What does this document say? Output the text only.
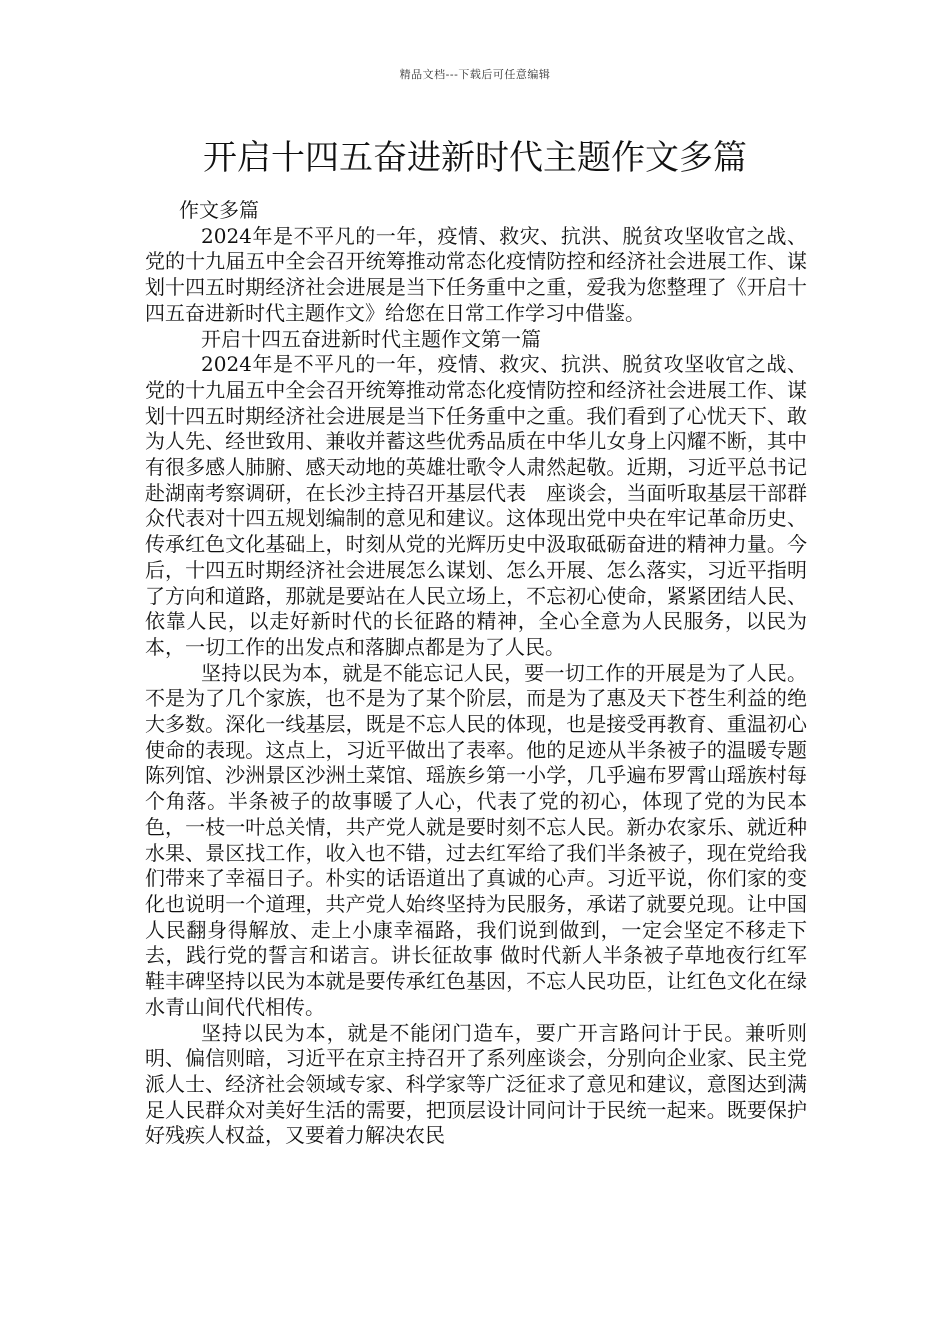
精品文档---下载后可任意编辑
开启十四五奋进新时代主题作文多篇

作文多篇

2024年是不平凡的一年，疫情、救灾、抗洪、脱贫攻坚收官之战、党的十九届五中全会召开统筹推动常态化疫情防控和经济社会进展工作、谋划十四五时期经济社会进展是当下任务重中之重，爱我为您整理了《开启十四五奋进新时代主题作文》给您在日常工作学习中借鉴。

开启十四五奋进新时代主题作文第一篇

2024年是不平凡的一年，疫情、救灾、抗洪、脱贫攻坚收官之战、党的十九届五中全会召开统筹推动常态化疫情防控和经济社会进展工作、谋划十四五时期经济社会进展是当下任务重中之重。我们看到了心忧天下、敢为人先、经世致用、兼收并蓄这些优秀品质在中华儿女身上闪耀不断，其中有很多感人肺腑、感天动地的英雄壮歌令人肃然起敬。近期，习近平总书记赴湖南考察调研，在长沙主持召开基层代表　座谈会，当面听取基层干部群众代表对十四五规划编制的意见和建议。这体现出党中央在牢记革命历史、传承红色文化基础上，时刻从党的光辉历史中汲取砥砺奋进的精神力量。今后，十四五时期经济社会进展怎么谋划、怎么开展、怎么落实，习近平指明了方向和道路，那就是要站在人民立场上，不忘初心使命，紧紧团结人民、依靠人民，以走好新时代的长征路的精神，全心全意为人民服务，以民为本，一切工作的出发点和落脚点都是为了人民。

坚持以民为本，就是不能忘记人民，要一切工作的开展是为了人民。不是为了几个家族，也不是为了某个阶层，而是为了惠及天下苍生利益的绝大多数。深化一线基层，既是不忘人民的体现，也是接受再教育、重温初心使命的表现。这点上，习近平做出了表率。他的足迹从半条被子的温暖专题陈列馆、沙洲景区沙洲土菜馆、瑶族乡第一小学，几乎遍布罗霄山瑶族村每个角落。半条被子的故事暖了人心，代表了党的初心，体现了党的为民本色，一枝一叶总关情，共产党人就是要时刻不忘人民。新办农家乐、就近种水果、景区找工作，收入也不错，过去红军给了我们半条被子，现在党给我们带来了幸福日子。朴实的话语道出了真诚的心声。习近平说，你们家的变化也说明一个道理，共产党人始终坚持为民服务，承诺了就要兑现。让中国人民翻身得解放、走上小康幸福路，我们说到做到，一定会坚定不移走下去，践行党的誓言和诺言。讲长征故事 做时代新人半条被子草地夜行红军鞋丰碑坚持以民为本就是要传承红色基因，不忘人民功臣，让红色文化在绿水青山间代代相传。

坚持以民为本，就是不能闭门造车，要广开言路问计于民。兼听则明、偏信则暗，习近平在京主持召开了系列座谈会，分别向企业家、民主党派人士、经济社会领域专家、科学家等广泛征求了意见和建议，意图达到满足人民群众对美好生活的需要，把顶层设计同问计于民统一起来。既要保护好残疾人权益，又要着力解决农民
